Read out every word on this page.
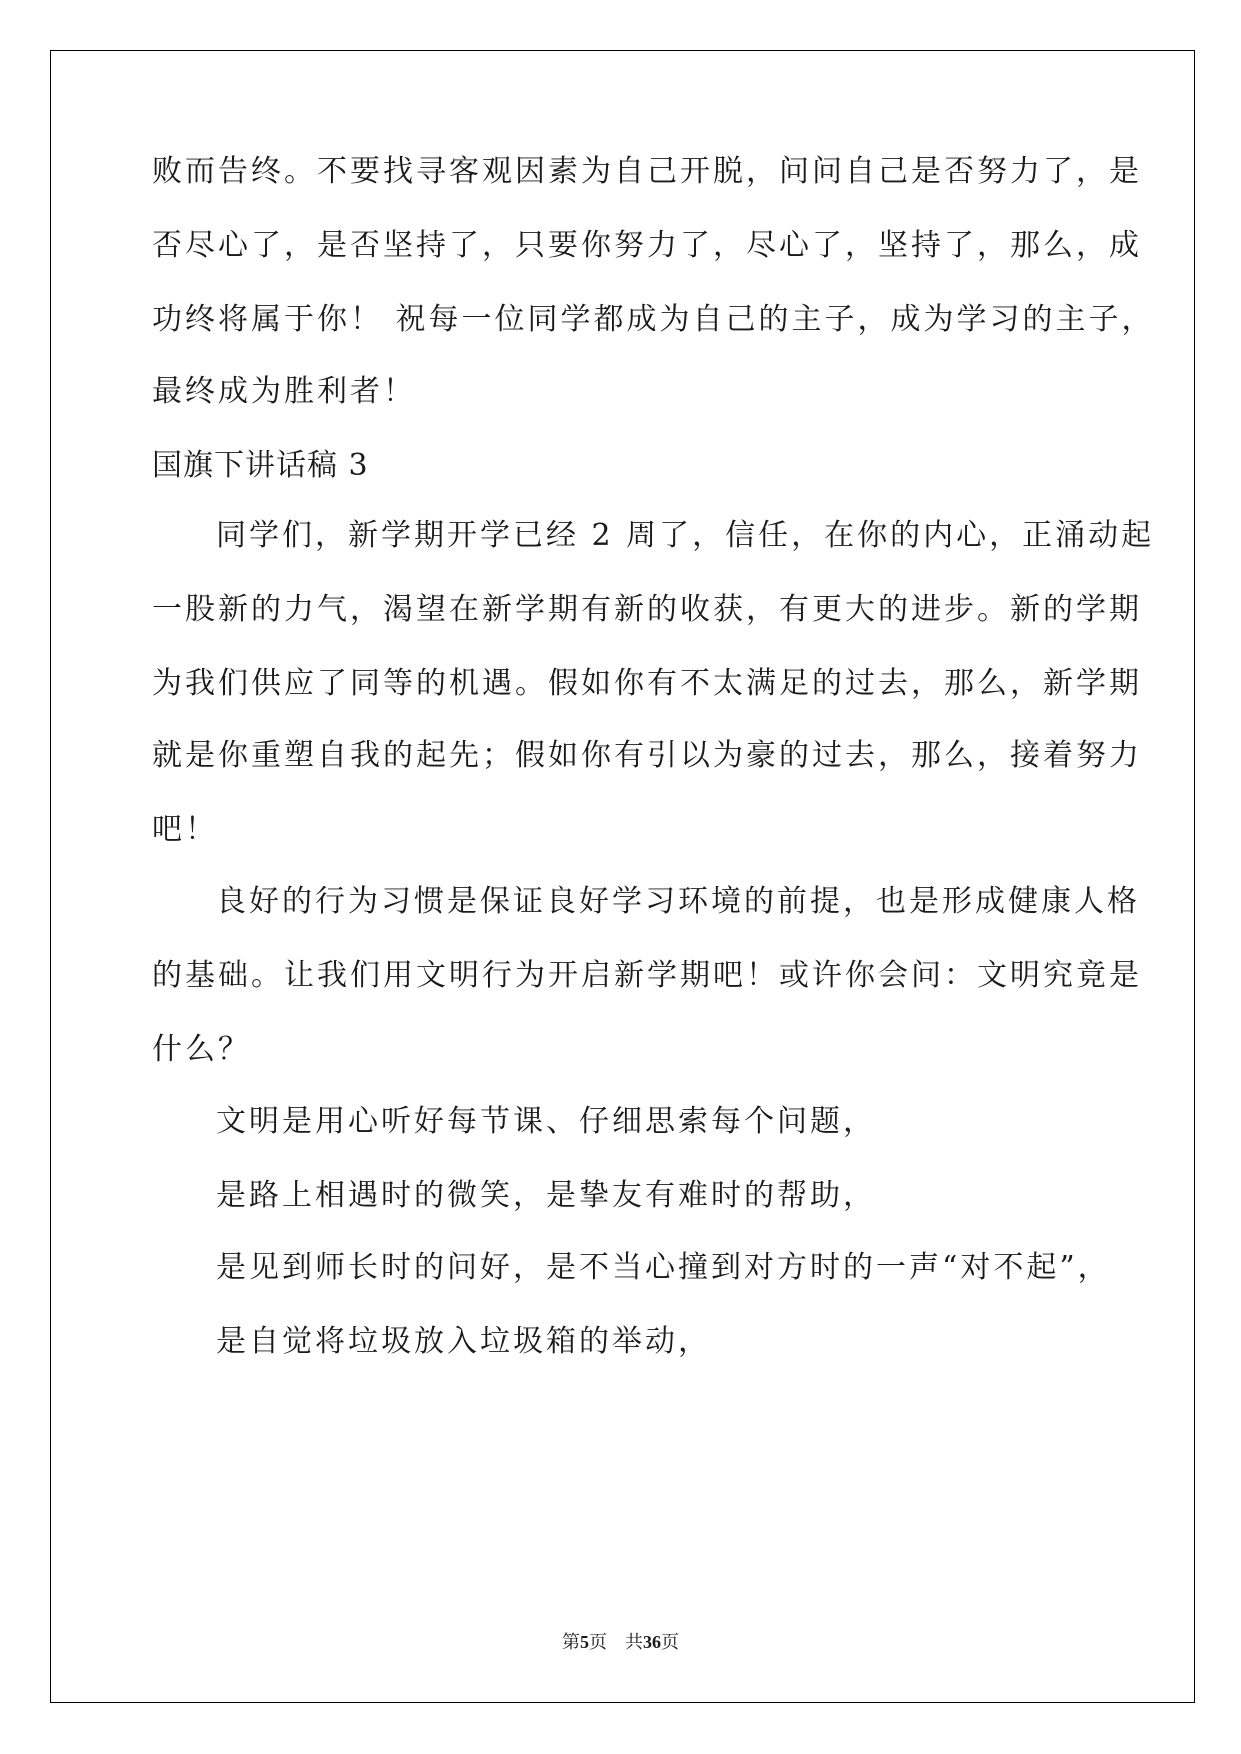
败而告终。不要找寻客观因素为自己开脱，问问自己是否努力了，是
否尽心了，是否坚持了，只要你努力了，尽心了，坚持了，那么，成
功终将属于你！ 祝每一位同学都成为自己的主子，成为学习的主子，
最终成为胜利者！
国旗下讲话稿 3
同学们，新学期开学已经 2 周了，信任，在你的内心，正涌动起
一股新的力气，渴望在新学期有新的收获，有更大的进步。新的学期
为我们供应了同等的机遇。假如你有不太满足的过去，那么，新学期
就是你重塑自我的起先；假如你有引以为豪的过去，那么，接着努力
吧！
良好的行为习惯是保证良好学习环境的前提，也是形成健康人格
的基础。让我们用文明行为开启新学期吧！或许你会问：文明究竟是
什么？
文明是用心听好每节课、仔细思索每个问题，
是路上相遇时的微笑，是挚友有难时的帮助，
是见到师长时的问好，是不当心撞到对方时的一声“对不起”，
是自觉将垃圾放入垃圾箱的举动，
第5页 共36页
